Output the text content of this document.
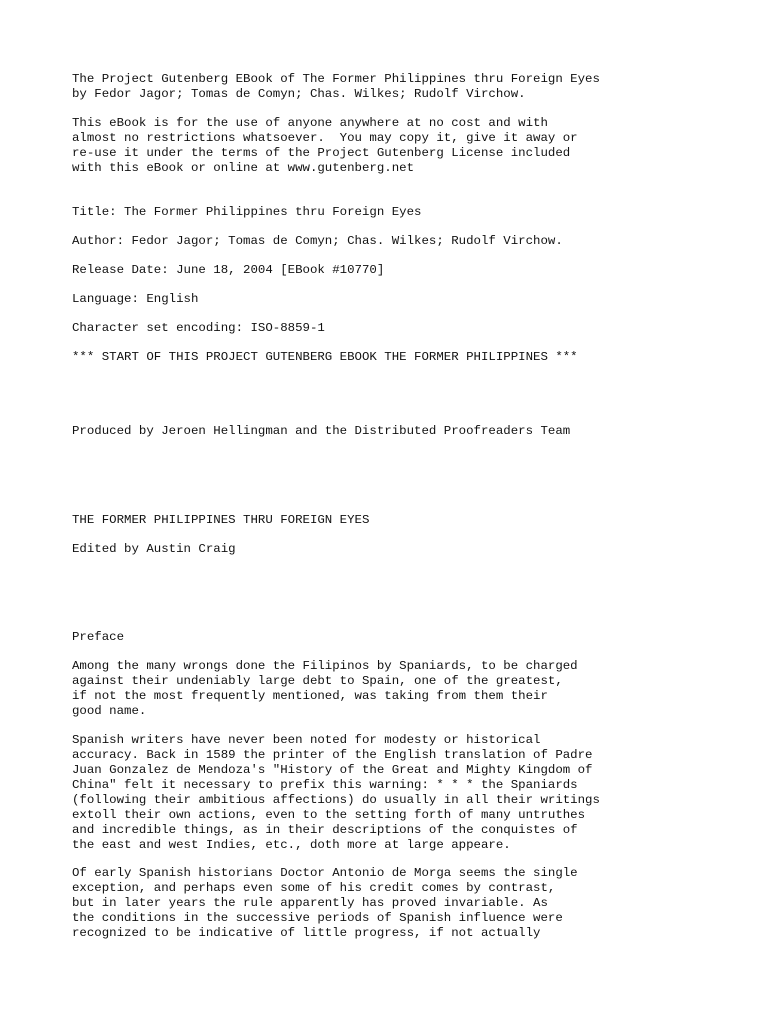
The Project Gutenberg EBook of The Former Philippines thru Foreign Eyes

by Fedor Jagor; Tomas de Comyn; Chas. Wilkes; Rudolf Virchow.

This eBook is for the use of anyone anywhere at no cost and with

almost no restrictions whatsoever.  You may copy it, give it away or

re-use it under the terms of the Project Gutenberg License included

with this eBook or online at www.gutenberg.net

Title: The Former Philippines thru Foreign Eyes

Author: Fedor Jagor; Tomas de Comyn; Chas. Wilkes; Rudolf Virchow.

Release Date: June 18, 2004 [EBook #10770]

Language: English

Character set encoding: ISO-8859-1

*** START OF THIS PROJECT GUTENBERG EBOOK THE FORMER PHILIPPINES ***

Produced by Jeroen Hellingman and the Distributed Proofreaders Team

THE FORMER PHILIPPINES THRU FOREIGN EYES

Edited by Austin Craig

Preface

Among the many wrongs done the Filipinos by Spaniards, to be charged

against their undeniably large debt to Spain, one of the greatest,

if not the most frequently mentioned, was taking from them their

good name.

Spanish writers have never been noted for modesty or historical

accuracy. Back in 1589 the printer of the English translation of Padre

Juan Gonzalez de Mendoza's "History of the Great and Mighty Kingdom of

China" felt it necessary to prefix this warning: * * * the Spaniards

(following their ambitious affections) do usually in all their writings

extoll their own actions, even to the setting forth of many untruthes

and incredible things, as in their descriptions of the conquistes of

the east and west Indies, etc., doth more at large appeare.

Of early Spanish historians Doctor Antonio de Morga seems the single

exception, and perhaps even some of his credit comes by contrast,

but in later years the rule apparently has proved invariable. As

the conditions in the successive periods of Spanish influence were

recognized to be indicative of little progress, if not actually
